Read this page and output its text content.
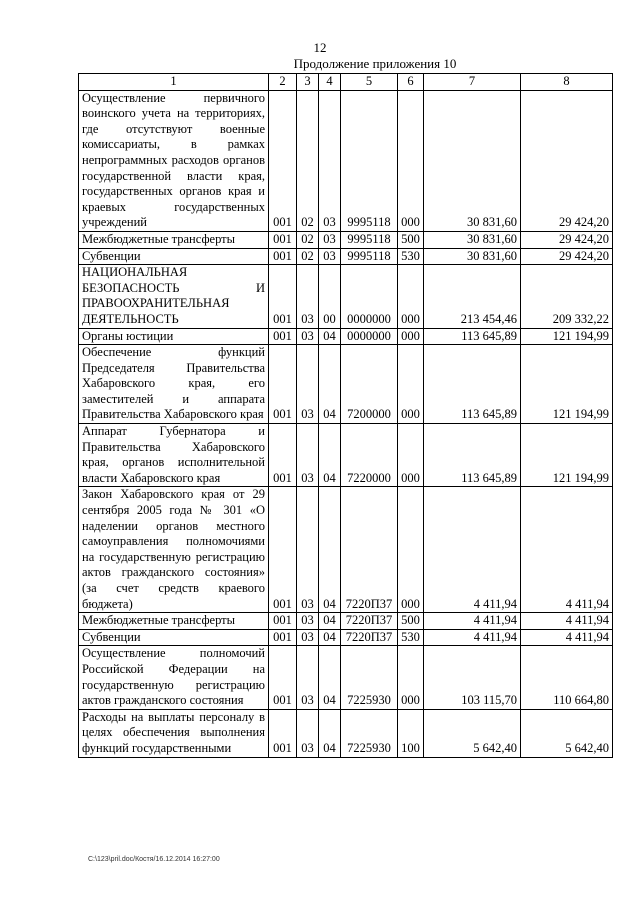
12
Продолжение приложения 10
1	2	3	4	5	6	7	8
Осуществление первичного воинского учета на территориях, где отсутствуют военные комиссариаты, в рамках непрограммных расходов органов государственной власти края, государственных органов края и краевых государственных учреждений	001	02	03	9995118	000	30 831,60	29 424,20
Межбюджетные трансферты	001	02	03	9995118	500	30 831,60	29 424,20
Субвенции	001	02	03	9995118	530	30 831,60	29 424,20
НАЦИОНАЛЬНАЯ БЕЗОПАСНОСТЬ И ПРАВООХРАНИТЕЛЬНАЯ ДЕЯТЕЛЬНОСТЬ	001	03	00	0000000	000	213 454,46	209 332,22
Органы юстиции	001	03	04	0000000	000	113 645,89	121 194,99
Обеспечение функций Председателя Правительства Хабаровского края, его заместителей и аппарата Правительства Хабаровского края	001	03	04	7200000	000	113 645,89	121 194,99
Аппарат Губернатора и Правительства Хабаровского края, органов исполнительной власти Хабаровского края	001	03	04	7220000	000	113 645,89	121 194,99
Закон Хабаровского края от 29 сентября 2005 года № 301 «О наделении органов местного самоуправления полномочиями на государственную регистрацию актов гражданского состояния» (за счет средств краевого бюджета)	001	03	04	7220П37	000	4 411,94	4 411,94
Межбюджетные трансферты	001	03	04	7220П37	500	4 411,94	4 411,94
Субвенции	001	03	04	7220П37	530	4 411,94	4 411,94
Осуществление полномочий Российской Федерации на государственную регистрацию актов гражданского состояния	001	03	04	7225930	000	103 115,70	110 664,80
Расходы на выплаты персоналу в целях обеспечения выполнения функций государственными	001	03	04	7225930	100	5 642,40	5 642,40
C:\123\pril.doc/Костя/16.12.2014 16:27:00
